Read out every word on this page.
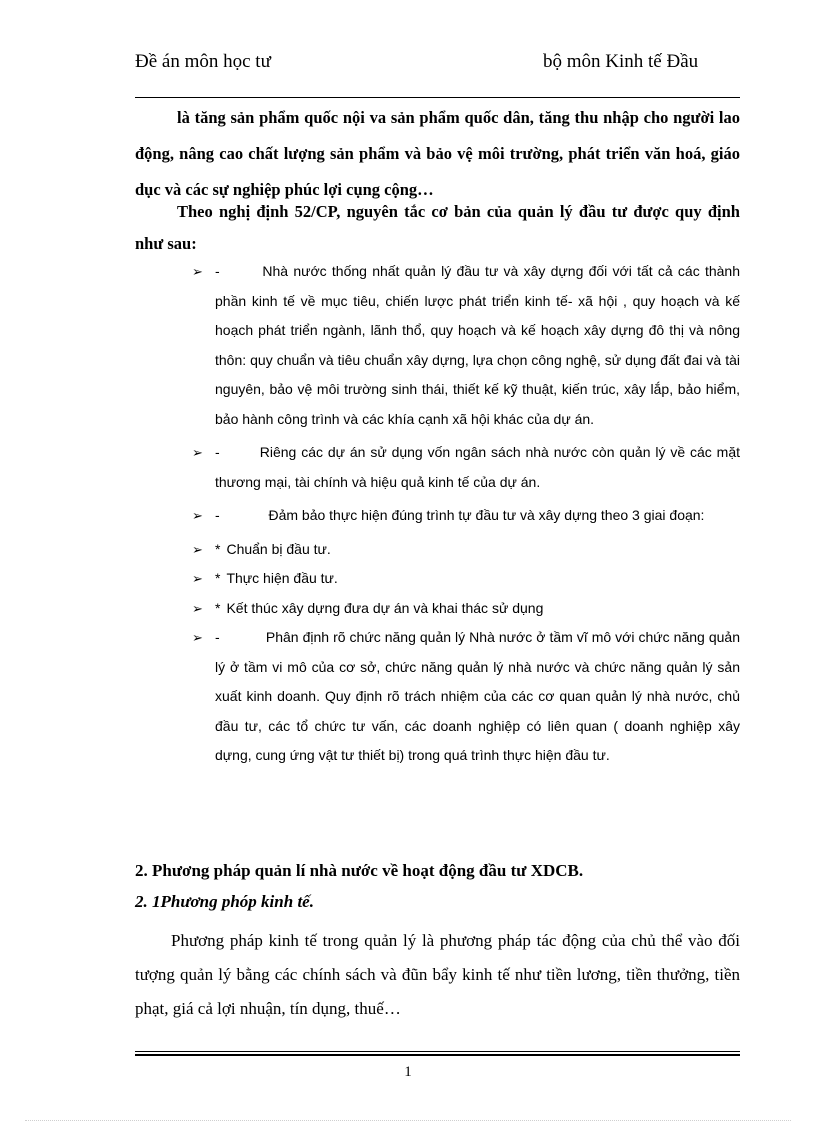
Đề án môn học tư	bộ môn Kinh tế Đầu
là tăng sản phẩm quốc nội va sản phẩm quốc dân, tăng thu nhập cho người lao động, nâng cao chất lượng sản phẩm và bảo vệ môi trường, phát triển văn hoá, giáo dục và các sự nghiệp phúc lợi cụng cộng…
Theo nghị định 52/CP, nguyên tắc cơ bản của quản lý đầu tư được quy định như sau:
➢ -	Nhà nước thống nhất quản lý đầu tư và xây dựng đối với tất cả các thành phần kinh tế về mục tiêu, chiến lược phát triển kinh tế- xã hội , quy hoạch và kế hoạch phát triển ngành, lãnh thổ, quy hoạch và kế hoạch xây dựng đô thị và nông thôn: quy chuẩn và tiêu chuẩn xây dựng, lựa chọn công nghệ, sử dụng đất đai và tài nguyên, bảo vệ môi trường sinh thái, thiết kế kỹ thuật, kiến trúc, xây lắp, bảo hiểm, bảo hành công trình và các khía cạnh xã hội khác của dự án.
➢ -	Riêng các dự án sử dụng vốn ngân sách nhà nước còn quản lý về các mặt thương mại, tài chính và hiệu quả kinh tế của dự án.
➢ -	Đảm bảo thực hiện đúng trình tự đầu tư và xây dựng theo 3 giai đoạn:
➢ * Chuẩn bị đầu tư.
➢ * Thực hiện đầu tư.
➢ * Kết thúc xây dựng đưa dự án và khai thác sử dụng
➢ -	Phân định rõ chức năng quản lý Nhà nước ở tầm vĩ mô với chức năng quản lý ở tầm vi mô của cơ sở, chức năng quản lý nhà nước và chức năng quản lý sản xuất kinh doanh. Quy định rõ trách nhiệm của các cơ quan quản lý nhà nước, chủ đầu tư, các tổ chức tư vấn, các doanh nghiệp có liên quan ( doanh nghiệp xây dựng, cung ứng vật tư thiết bị) trong quá trình thực hiện đầu tư.
2. Phương pháp quản lí nhà nước về hoạt động đầu tư XDCB.
2. 1Phương phóp kinh tế.
Phương pháp kinh tế trong quản lý là phương pháp tác động của chủ thể vào đối tượng quản lý bằng các chính sách và đũn bẩy kinh tế như tiền lương, tiền thưởng, tiền phạt, giá cả lợi nhuận, tín dụng, thuế…
1
